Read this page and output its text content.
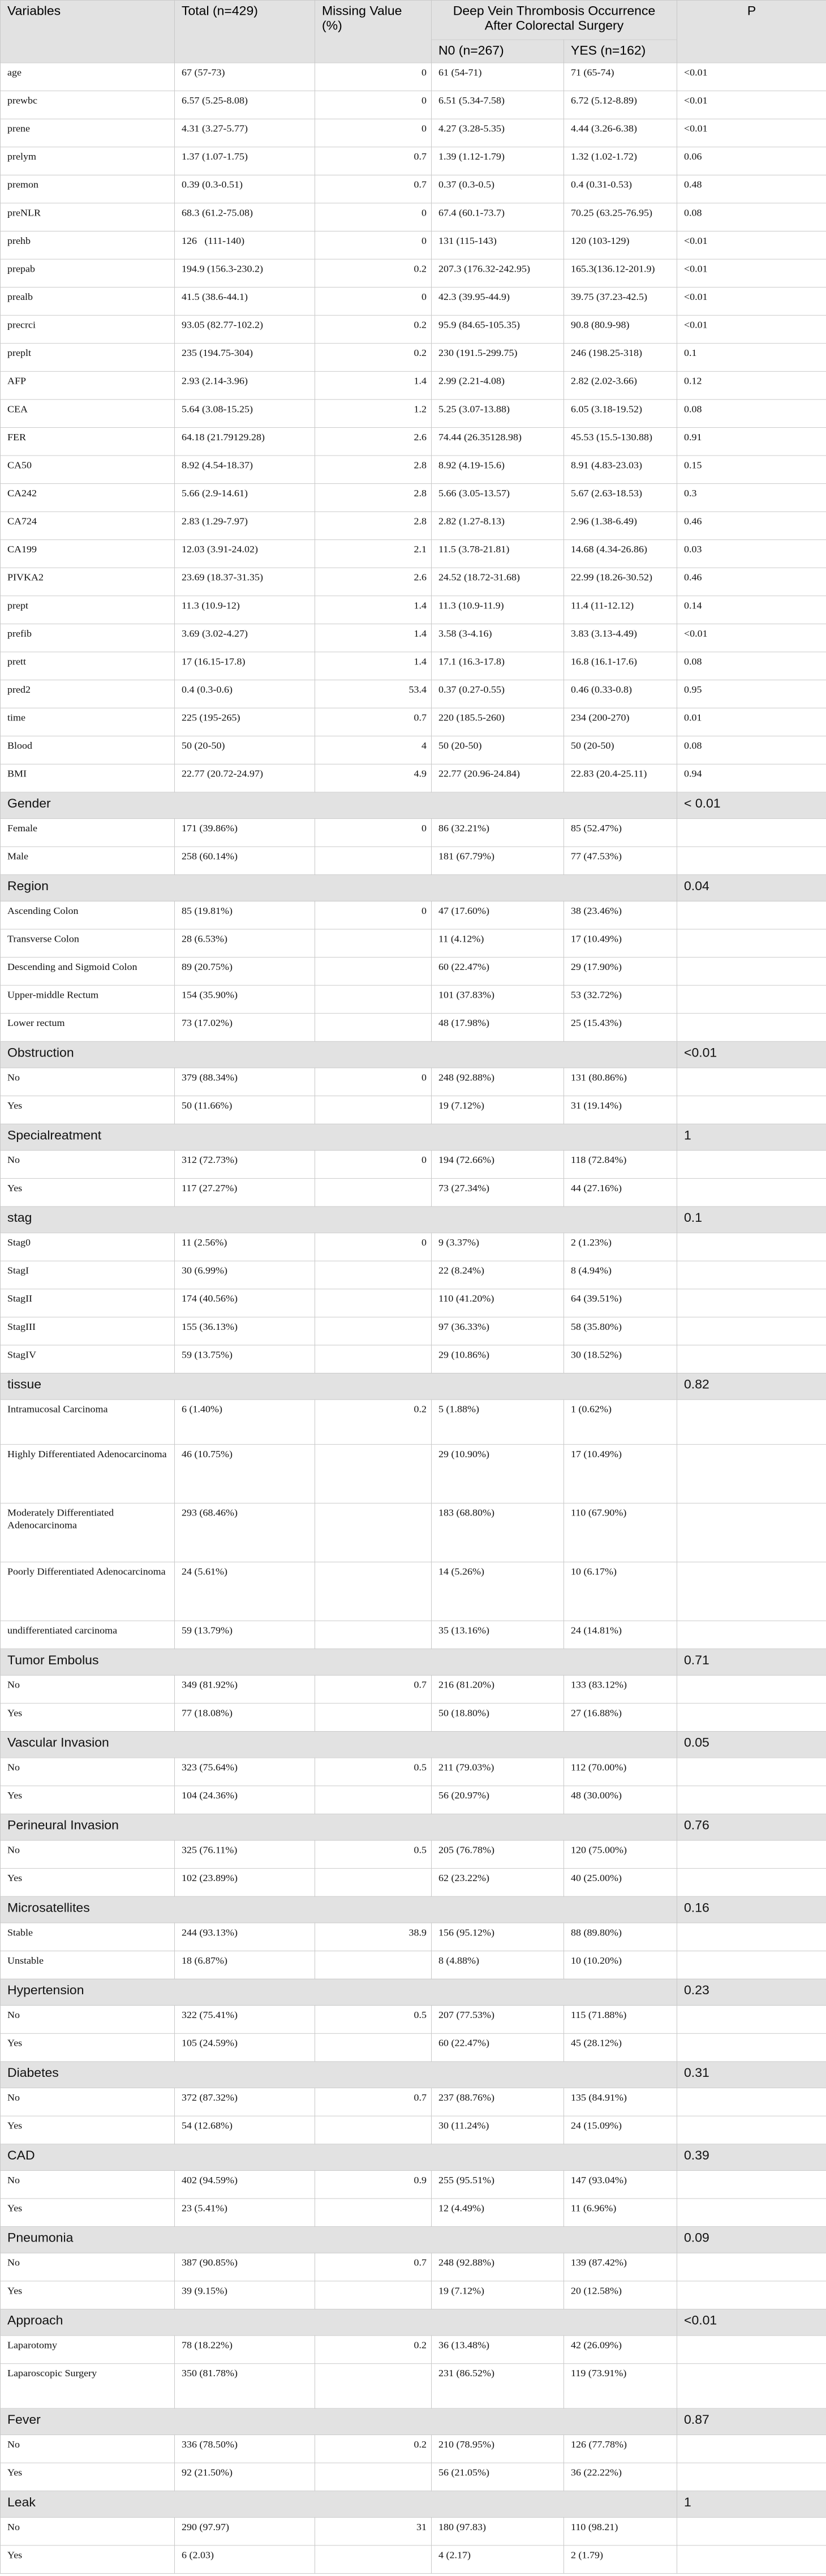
Variables	Total (n=429)	Missing Value (%)	Deep Vein Thrombosis Occurrence After Colorectal Surgery		P
			N0 (n=267)	YES (n=162)	
age	67 (57-73)	0	61 (54-71)	71 (65-74)	<0.01
prewbc	6.57 (5.25-8.08)	0	6.51 (5.34-7.58)	6.72 (5.12-8.89)	<0.01
prene	4.31 (3.27-5.77)	0	4.27 (3.28-5.35)	4.44 (3.26-6.38)	<0.01
prelym	1.37 (1.07-1.75)	0.7	1.39 (1.12-1.79)	1.32 (1.02-1.72)	0.06
premon	0.39 (0.3-0.51)	0.7	0.37 (0.3-0.5)	0.4 (0.31-0.53)	0.48
preNLR	68.3 (61.2-75.08)	0	67.4 (60.1-73.7)	70.25 (63.25-76.95)	0.08
prehb	126   (111-140)	0	131 (115-143)	120 (103-129)	<0.01
prepab	194.9 (156.3-230.2)	0.2	207.3 (176.32-242.95)	165.3(136.12-201.9)	<0.01
prealb	41.5 (38.6-44.1)	0	42.3 (39.95-44.9)	39.75 (37.23-42.5)	<0.01
precrci	93.05 (82.77-102.2)	0.2	95.9 (84.65-105.35)	90.8 (80.9-98)	<0.01
preplt	235 (194.75-304)	0.2	230 (191.5-299.75)	246 (198.25-318)	0.1
AFP	2.93 (2.14-3.96)	1.4	2.99 (2.21-4.08)	2.82 (2.02-3.66)	0.12
CEA	5.64 (3.08-15.25)	1.2	5.25 (3.07-13.88)	6.05 (3.18-19.52)	0.08
FER	64.18 (21.79129.28)	2.6	74.44 (26.35128.98)	45.53 (15.5-130.88)	0.91
CA50	8.92 (4.54-18.37)	2.8	8.92 (4.19-15.6)	8.91 (4.83-23.03)	0.15
CA242	5.66 (2.9-14.61)	2.8	5.66 (3.05-13.57)	5.67 (2.63-18.53)	0.3
CA724	2.83 (1.29-7.97)	2.8	2.82 (1.27-8.13)	2.96 (1.38-6.49)	0.46
CA199	12.03 (3.91-24.02)	2.1	11.5 (3.78-21.81)	14.68 (4.34-26.86)	0.03
PIVKA2	23.69 (18.37-31.35)	2.6	24.52 (18.72-31.68)	22.99 (18.26-30.52)	0.46
prept	11.3 (10.9-12)	1.4	11.3 (10.9-11.9)	11.4 (11-12.12)	0.14
prefib	3.69 (3.02-4.27)	1.4	3.58 (3-4.16)	3.83 (3.13-4.49)	<0.01
prett	17 (16.15-17.8)	1.4	17.1 (16.3-17.8)	16.8 (16.1-17.6)	0.08
pred2	0.4 (0.3-0.6)	53.4	0.37 (0.27-0.55)	0.46 (0.33-0.8)	0.95
time	225 (195-265)	0.7	220 (185.5-260)	234 (200-270)	0.01
Blood	50 (20-50)	4	50 (20-50)	50 (20-50)	0.08
BMI	22.77 (20.72-24.97)	4.9	22.77 (20.96-24.84)	22.83 (20.4-25.11)	0.94
Gender					< 0.01
Female	171 (39.86%)	0	86 (32.21%)	85 (52.47%)	
Male	258 (60.14%)		181 (67.79%)	77 (47.53%)	
Region					0.04
Ascending Colon	85 (19.81%)	0	47 (17.60%)	38 (23.46%)	
Transverse Colon	28 (6.53%)		11 (4.12%)	17 (10.49%)	
Descending and Sigmoid Colon	89 (20.75%)		60 (22.47%)	29 (17.90%)	
Upper-middle Rectum	154 (35.90%)		101 (37.83%)	53 (32.72%)	
Lower rectum	73 (17.02%)		48 (17.98%)	25 (15.43%)	
Obstruction					<0.01
No	379 (88.34%)	0	248 (92.88%)	131 (80.86%)	
Yes	50 (11.66%)		19 (7.12%)	31 (19.14%)	
Specialreatment					1
No	312 (72.73%)	0	194 (72.66%)	118 (72.84%)	
Yes	117 (27.27%)		73 (27.34%)	44 (27.16%)	
stag					0.1
Stag0	11 (2.56%)	0	9 (3.37%)	2 (1.23%)	
StagI	30 (6.99%)		22 (8.24%)	8 (4.94%)	
StagII	174 (40.56%)		110 (41.20%)	64 (39.51%)	
StagIII	155 (36.13%)		97 (36.33%)	58 (35.80%)	
StagIV	59 (13.75%)		29 (10.86%)	30 (18.52%)	
tissue					0.82
Intramucosal Carcinoma	6 (1.40%)	0.2	5 (1.88%)	1 (0.62%)	
Highly Differentiated Adenocarcinoma	46 (10.75%)		29 (10.90%)	17 (10.49%)	
Moderately Differentiated Adenocarcinoma	293 (68.46%)		183 (68.80%)	110 (67.90%)	
Poorly Differentiated Adenocarcinoma	24 (5.61%)		14 (5.26%)	10 (6.17%)	
undifferentiated carcinoma	59 (13.79%)		35 (13.16%)	24 (14.81%)	
Tumor Embolus					0.71
No	349 (81.92%)	0.7	216 (81.20%)	133 (83.12%)	
Yes	77 (18.08%)		50 (18.80%)	27 (16.88%)	
Vascular Invasion					0.05
No	323 (75.64%)	0.5	211 (79.03%)	112 (70.00%)	
Yes	104 (24.36%)		56 (20.97%)	48 (30.00%)	
Perineural Invasion					0.76
No	325 (76.11%)	0.5	205 (76.78%)	120 (75.00%)	
Yes	102 (23.89%)		62 (23.22%)	40 (25.00%)	
Microsatellites					0.16
Stable	244 (93.13%)	38.9	156 (95.12%)	88 (89.80%)	
Unstable	18 (6.87%)		8 (4.88%)	10 (10.20%)	
Hypertension					0.23
No	322 (75.41%)	0.5	207 (77.53%)	115 (71.88%)	
Yes	105 (24.59%)		60 (22.47%)	45 (28.12%)	
Diabetes					0.31
No	372 (87.32%)	0.7	237 (88.76%)	135 (84.91%)	
Yes	54 (12.68%)		30 (11.24%)	24 (15.09%)	
CAD					0.39
No	402 (94.59%)	0.9	255 (95.51%)	147 (93.04%)	
Yes	23 (5.41%)		12 (4.49%)	11 (6.96%)	
Pneumonia					0.09
No	387 (90.85%)	0.7	248 (92.88%)	139 (87.42%)	
Yes	39 (9.15%)		19 (7.12%)	20 (12.58%)	
Approach					<0.01
Laparotomy	78 (18.22%)	0.2	36 (13.48%)	42 (26.09%)	
Laparoscopic Surgery	350 (81.78%)		231 (86.52%)	119 (73.91%)	
Fever					0.87
No	336 (78.50%)	0.2	210 (78.95%)	126 (77.78%)	
Yes	92 (21.50%)		56 (21.05%)	36 (22.22%)	
Leak					1
No	290 (97.97)	31	180 (97.83)	110 (98.21)	
Yes	6 (2.03)		4 (2.17)	2 (1.79)	
